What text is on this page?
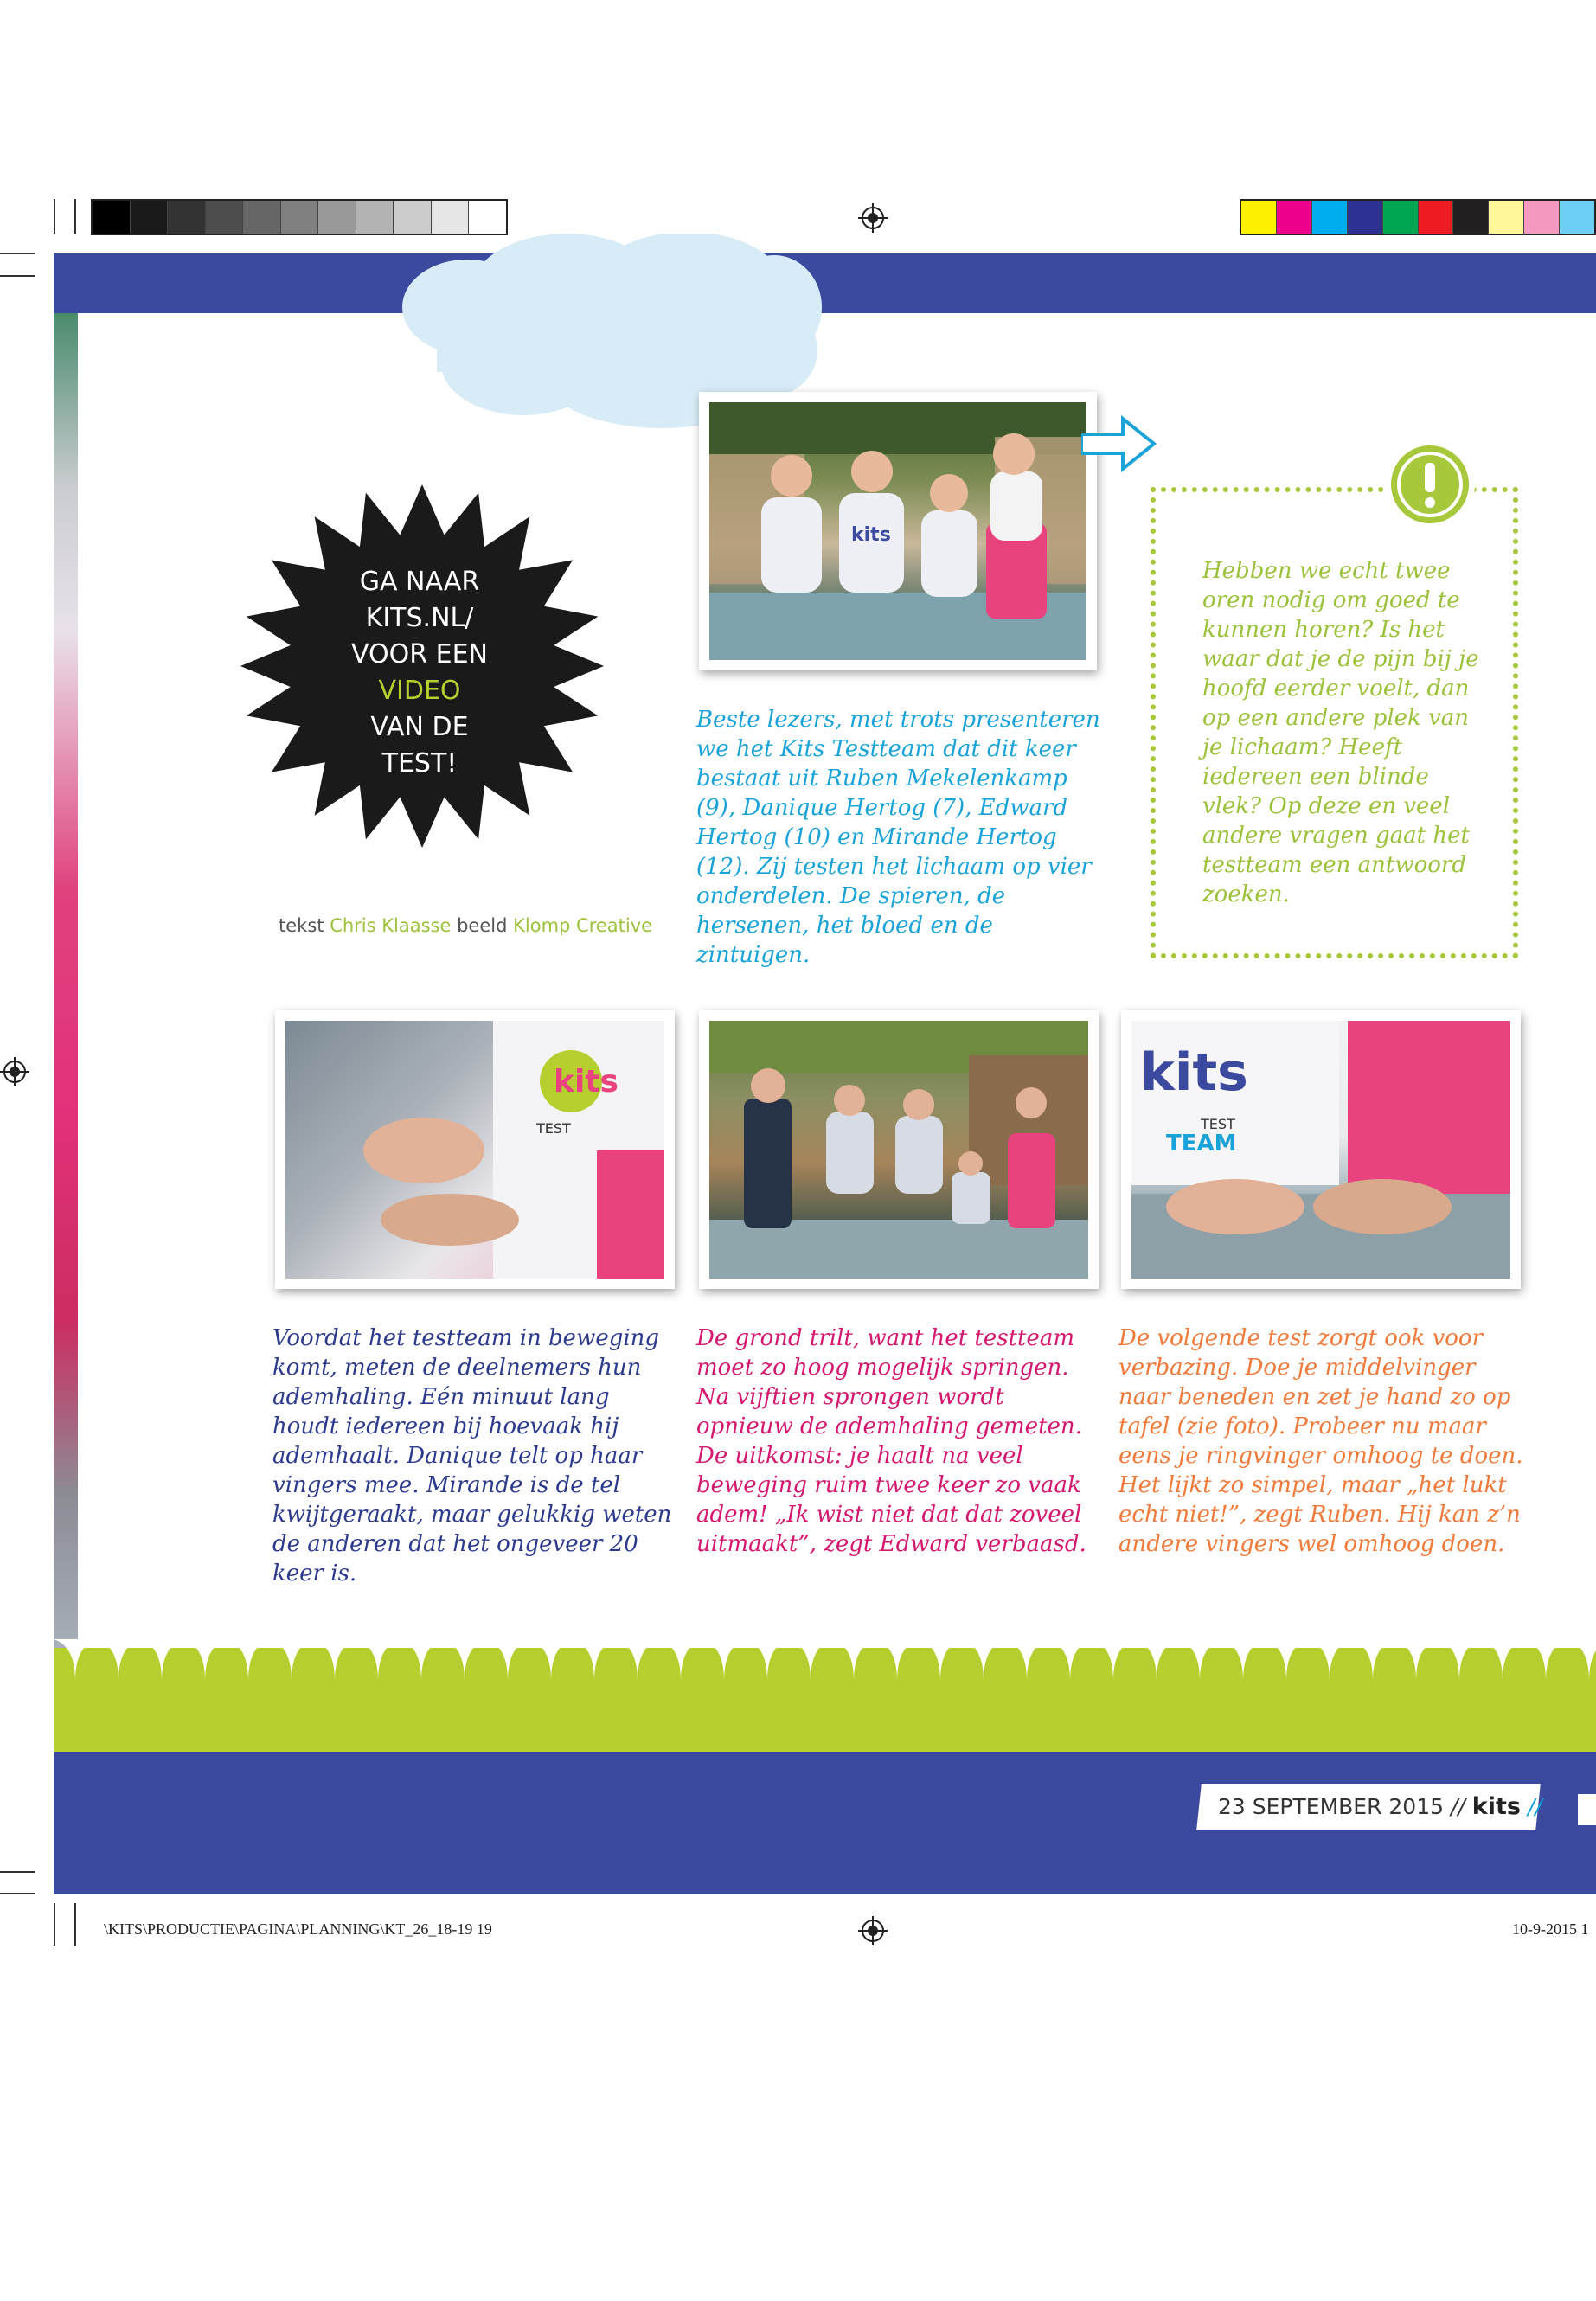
GA NAAR
KITS.NL/
VOOR EEN
VIDEO
VAN DE
TEST!
tekst Chris Klaasse beeld Klomp Creative
kits

Hebben we echt twee oren nodig om goed te kunnen horen? Is het waar dat je de pijn bij je hoofd eerder voelt, dan op een andere plek van je lichaam? Heeft iedereen een blinde vlek? Op deze en veel andere vragen gaat het testteam een antwoord zoeken.

Beste lezers, met trots presenteren we het Kits Testteam dat dit keer bestaat uit Ruben Mekelenkamp (9), Danique Hertog (7), Edward Hertog (10) en Mirande Hertog (12). Zij testen het lichaam op vier onderdelen. De spieren, de hersenen, het bloed en de zintuigen.

kits
TEST
kits
TEST
TEAM

Voordat het testteam in beweging komt, meten de deelnemers hun ademhaling. Eén minuut lang houdt iedereen bij hoevaak hij ademhaalt. Danique telt op haar vingers mee. Mirande is de tel kwijtgeraakt, maar gelukkig weten de anderen dat het ongeveer 20 keer is.

De grond trilt, want het testteam moet zo hoog mogelijk springen. Na vijftien sprongen wordt opnieuw de ademhaling gemeten. De uitkomst: je haalt na veel beweging ruim twee keer zo vaak adem! „Ik wist niet dat dat zoveel uitmaakt”, zegt Edward verbaasd.

De volgende test zorgt ook voor verbazing. Doe je middelvinger naar beneden en zet je hand zo op tafel (zie foto). Probeer nu maar eens je ringvinger omhoog te doen. Het lijkt zo simpel, maar „het lukt echt niet!”, zegt Ruben. Hij kan z’n andere vingers wel omhoog doen.

23 SEPTEMBER 2015 // kits //
\KITS\PRODUCTIE\PAGINA\PLANNING\KT_26_18-19 19	10-9-2015 1
